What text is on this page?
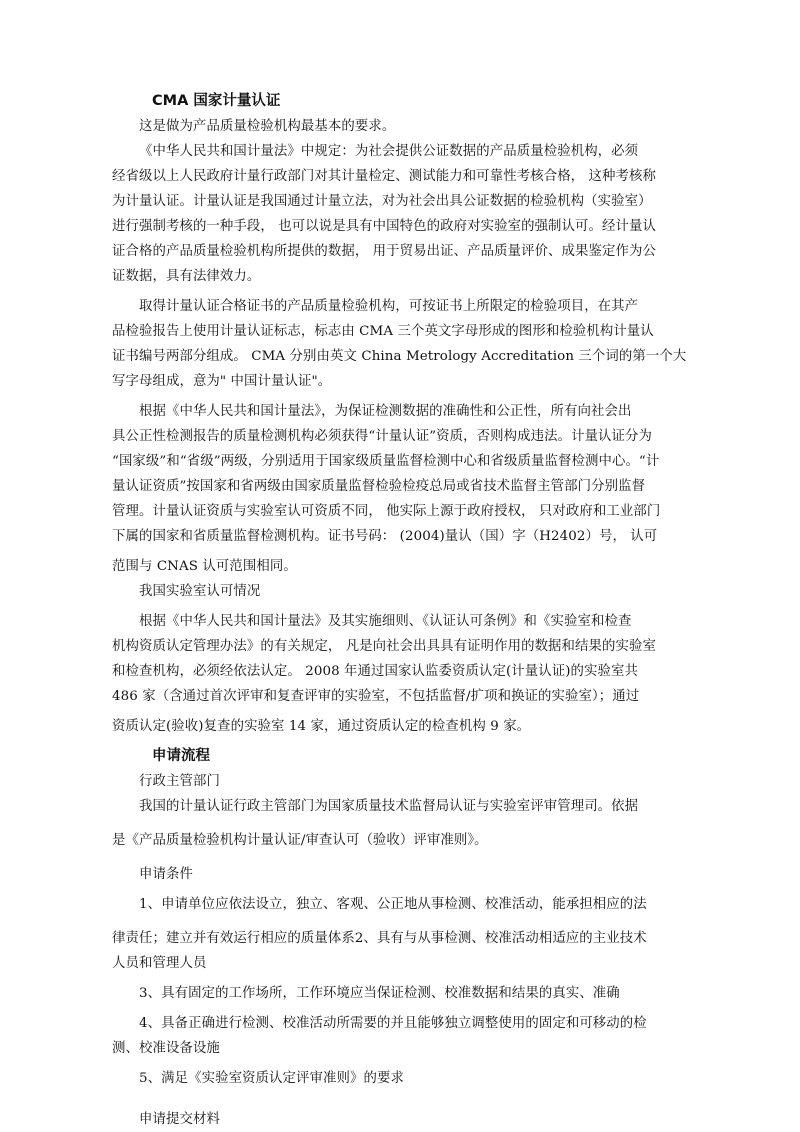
CMA 国家计量认证
这是做为产品质量检验机构最基本的要求。
《中华人民共和国计量法》中规定：为社会提供公证数据的产品质量检验机构，必须
经省级以上人民政府计量行政部门对其计量检定、测试能力和可靠性考核合格， 这种考核称
为计量认证。计量认证是我国通过计量立法，对为社会出具公证数据的检验机构（实验室）
进行强制考核的一种手段， 也可以说是具有中国特色的政府对实验室的强制认可。经计量认
证合格的产品质量检验机构所提供的数据， 用于贸易出证、产品质量评价、成果鉴定作为公
证数据，具有法律效力。
取得计量认证合格证书的产品质量检验机构，可按证书上所限定的检验项目，在其产
品检验报告上使用计量认证标志，标志由 CMA 三个英文字母形成的图形和检验机构计量认
证书编号两部分组成。 CMA 分别由英文 China Metrology Accreditation 三个词的第一个大
写字母组成，意为" 中国计量认证"。
根据《中华人民共和国计量法》，为保证检测数据的准确性和公正性，所有向社会出
具公正性检测报告的质量检测机构必须获得“计量认证”资质，否则构成违法。计量认证分为
“国家级”和“省级”两级，分别适用于国家级质量监督检测中心和省级质量监督检测中心。“计
量认证资质”按国家和省两级由国家质量监督检验检疫总局或省技术监督主管部门分别监督
管理。计量认证资质与实验室认可资质不同， 他实际上源于政府授权， 只对政府和工业部门
下属的国家和省质量监督检测机构。证书号码： (2004)量认（国）字（H2402）号， 认可
范围与 CNAS 认可范围相同。
我国实验室认可情况
根据《中华人民共和国计量法》及其实施细则、《认证认可条例》和《实验室和检查
机构资质认定管理办法》的有关规定， 凡是向社会出具具有证明作用的数据和结果的实验室
和检查机构，必须经依法认定。 2008 年通过国家认监委资质认定(计量认证)的实验室共
486 家（含通过首次评审和复查评审的实验室，不包括监督/扩项和换证的实验室）；通过
资质认定(验收)复查的实验室 14 家，通过资质认定的检查机构 9 家。
申请流程
行政主管部门
我国的计量认证行政主管部门为国家质量技术监督局认证与实验室评审管理司。依据
是《产品质量检验机构计量认证/审查认可（验收）评审准则》。
申请条件
1、申请单位应依法设立，独立、客观、公正地从事检测、校准活动，能承担相应的法
律责任；建立并有效运行相应的质量体系2、具有与从事检测、校准活动相适应的主业技术
人员和管理人员
3、具有固定的工作场所，工作环境应当保证检测、校准数据和结果的真实、准确
4、具备正确进行检测、校准活动所需要的并且能够独立调整使用的固定和可移动的检
测、校准设备设施
5、满足《实验室资质认定评审准则》的要求
申请提交材料
